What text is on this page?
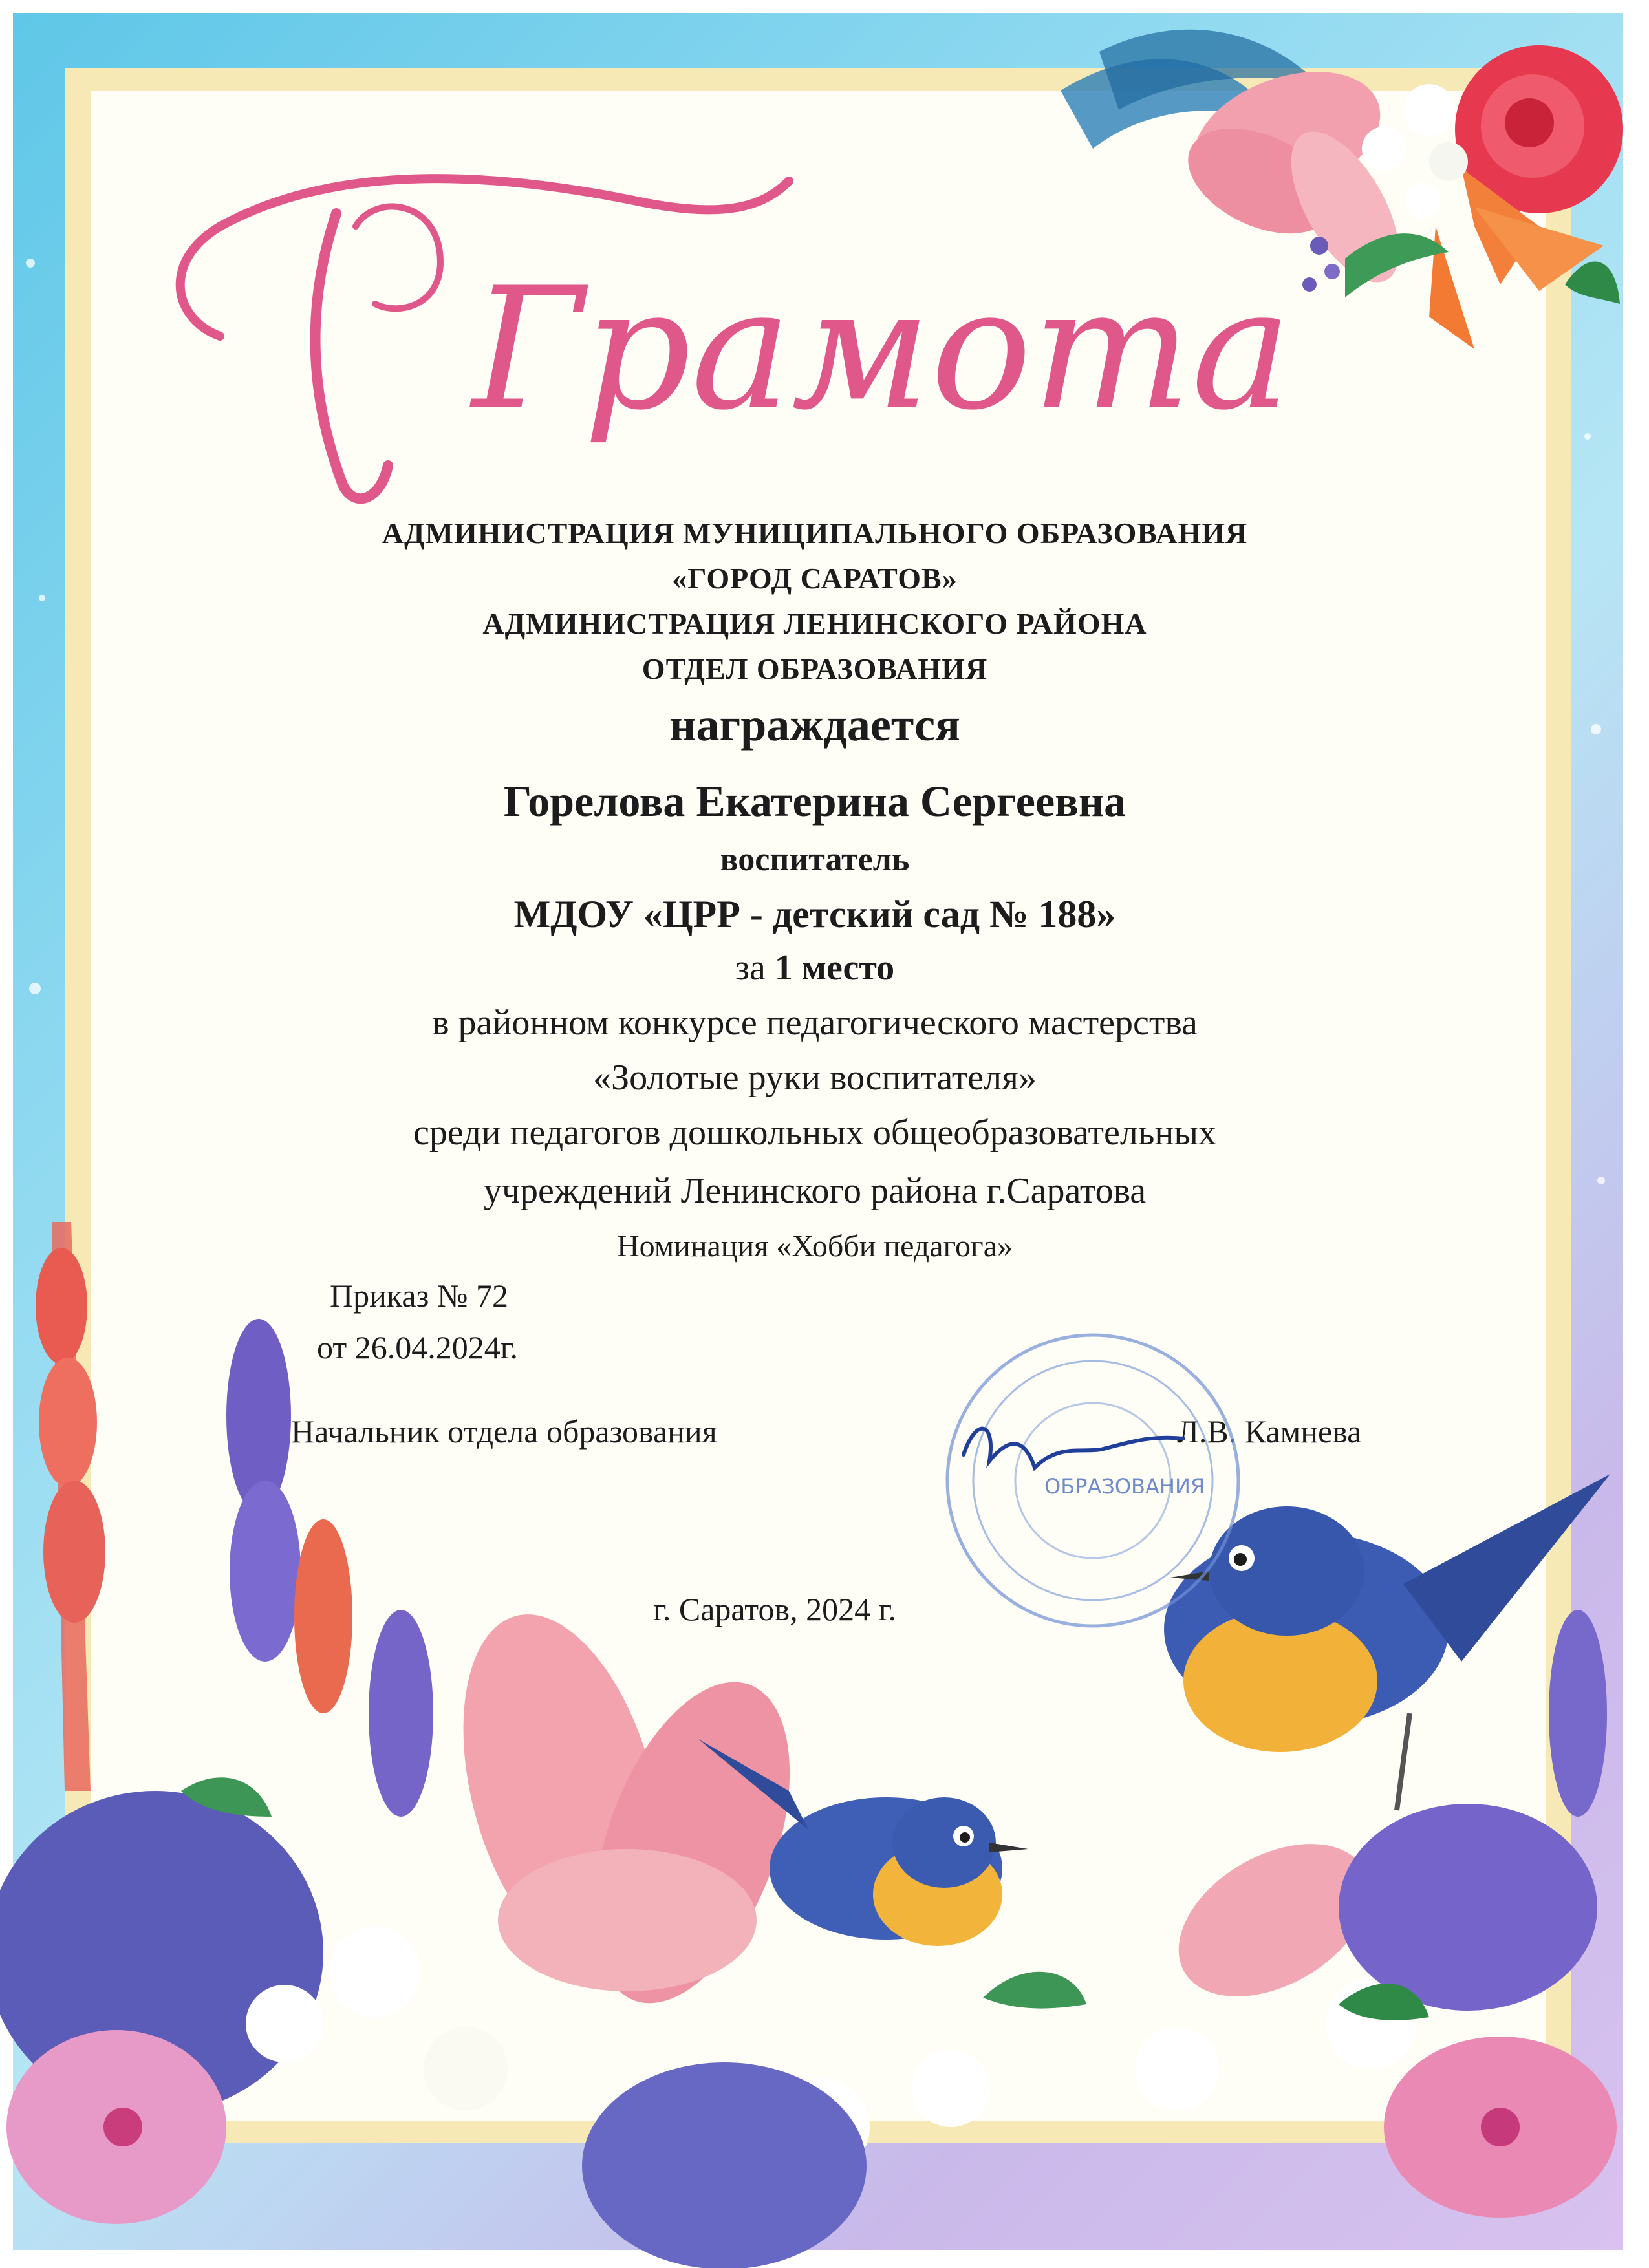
Грамота
АДМИНИСТРАЦИЯ МУНИЦИПАЛЬНОГО ОБРАЗОВАНИЯ
«ГОРОД САРАТОВ»
АДМИНИСТРАЦИЯ ЛЕНИНСКОГО РАЙОНА
ОТДЕЛ ОБРАЗОВАНИЯ
награждается
Горелова Екатерина Сергеевна
воспитатель
МДОУ «ЦРР - детский сад № 188»
за 1 место
в районном конкурсе педагогического мастерства
«Золотые руки воспитателя»
среди педагогов дошкольных общеобразовательных
учреждений Ленинского района г.Саратова
Номинация «Хобби педагога»
Приказ № 72
от 26.04.2024г.
Начальник отдела образования	Л.В. Камнева
ОБРАЗОВАНИЯ
г. Саратов, 2024 г.
